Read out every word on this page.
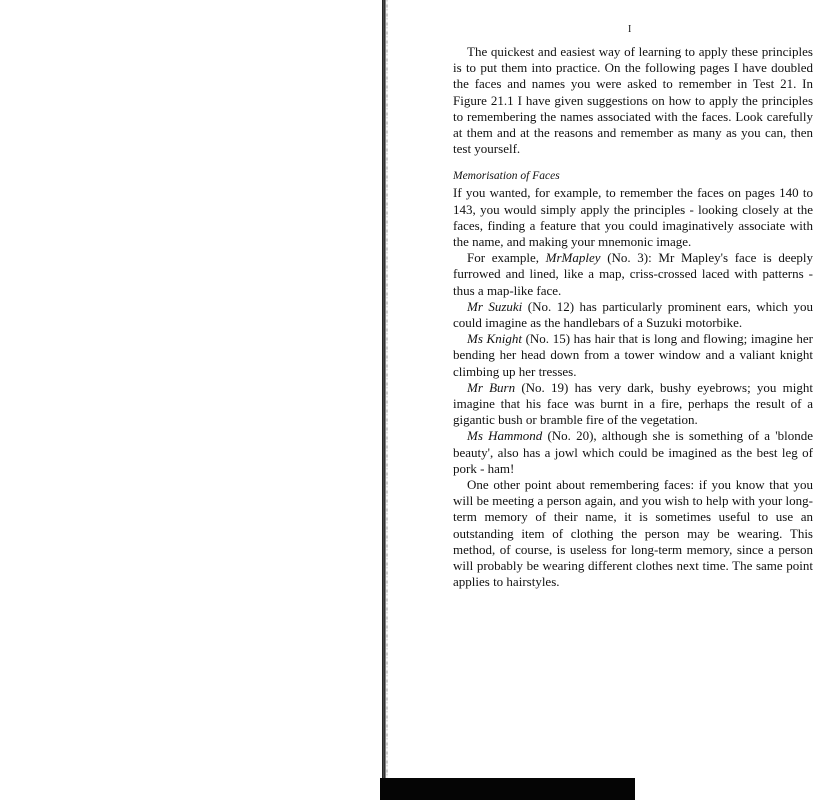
I

The quickest and easiest way of learning to apply these principles is to put them into practice. On the following pages I have doubled the faces and names you were asked to remember in Test 21. In Figure 21.1 I have given suggestions on how to apply the principles to remembering the names associated with the faces. Look carefully at them and at the reasons and remember as many as you can, then test yourself.

Memorisation of Faces

If you wanted, for example, to remember the faces on pages 140 to 143, you would simply apply the principles - looking closely at the faces, finding a feature that you could imaginatively associate with the name, and making your mnemonic image.

For example, MrMapley (No. 3): Mr Mapley's face is deeply furrowed and lined, like a map, criss-crossed laced with patterns - thus a map-like face.

Mr Suzuki (No. 12) has particularly prominent ears, which you could imagine as the handlebars of a Suzuki motorbike.

Ms Knight (No. 15) has hair that is long and flowing; imagine her bending her head down from a tower window and a valiant knight climbing up her tresses.

Mr Burn (No. 19) has very dark, bushy eyebrows; you might imagine that his face was burnt in a fire, perhaps the result of a gigantic bush or bramble fire of the vegetation.

Ms Hammond (No. 20), although she is something of a 'blonde beauty', also has a jowl which could be imagined as the best leg of pork - ham!

One other point about remembering faces: if you know that you will be meeting a person again, and you wish to help with your long-term memory of their name, it is sometimes useful to use an outstanding item of clothing the person may be wearing. This method, of course, is useless for long-term memory, since a person will probably be wearing different clothes next time. The same point applies to hairstyles.
